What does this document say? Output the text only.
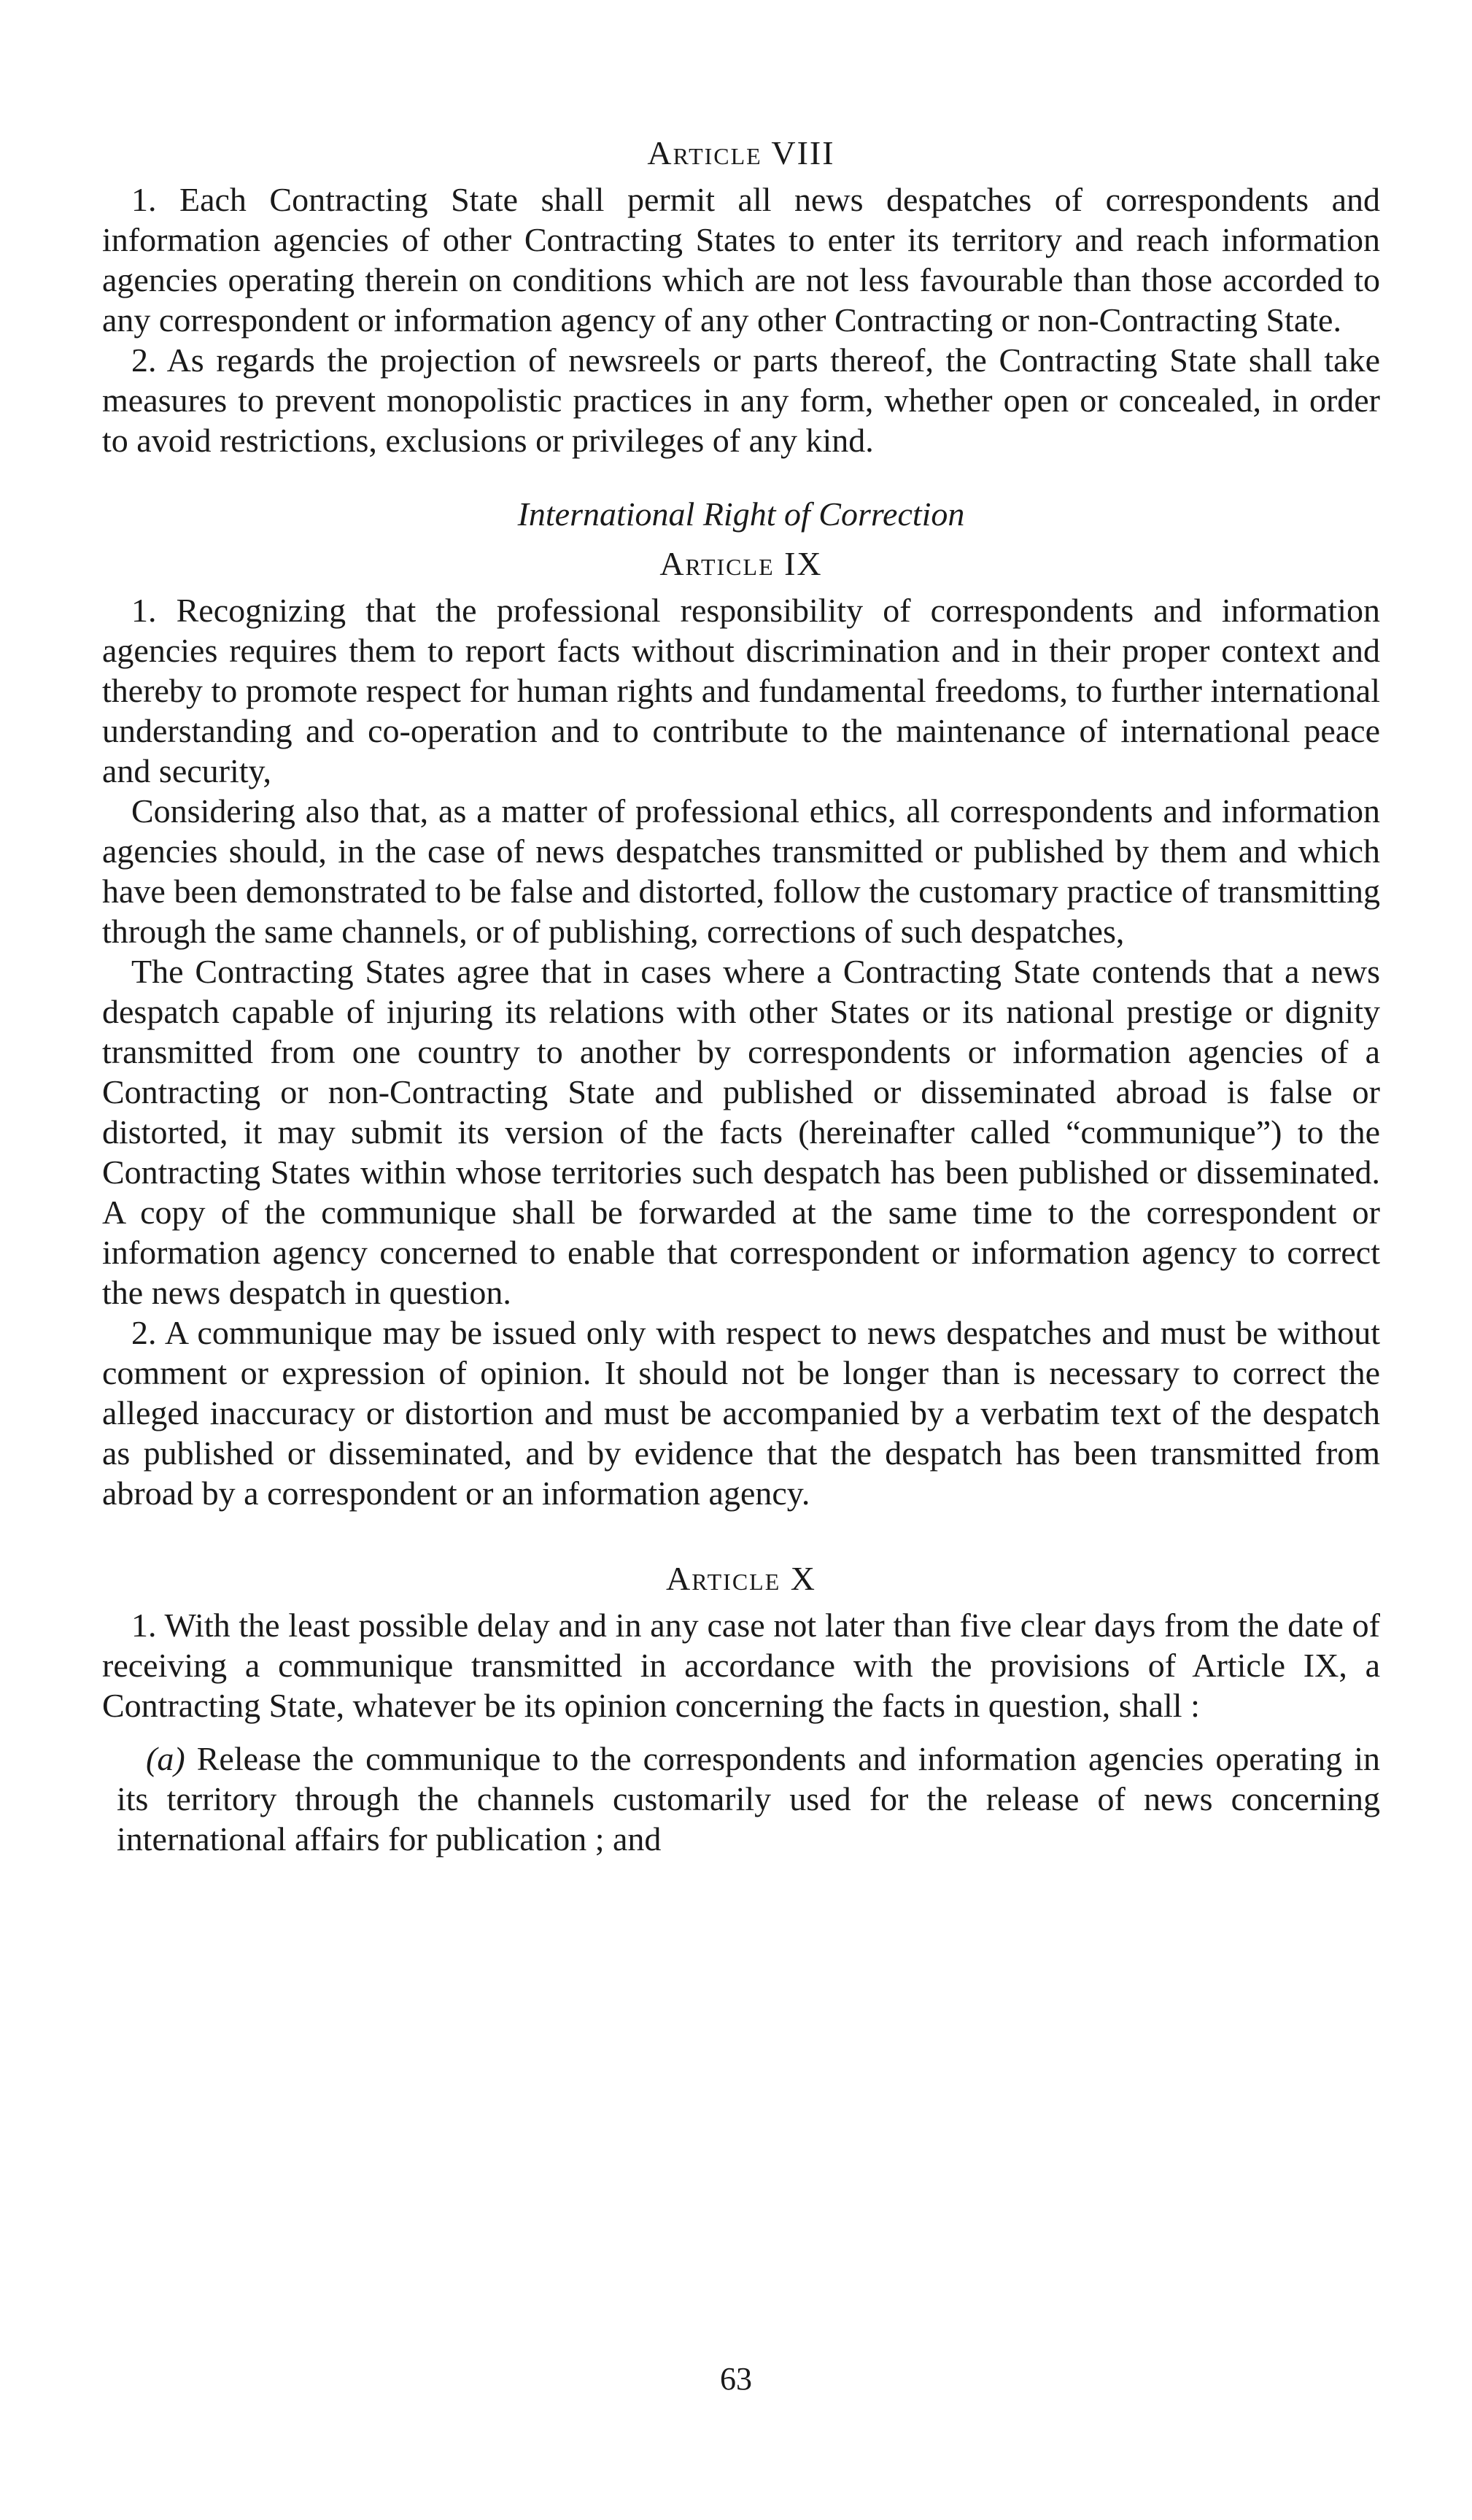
Article VIII

1. Each Contracting State shall permit all news despatches of correspondents and information agencies of other Contracting States to enter its territory and reach information agencies operating therein on conditions which are not less favourable than those accorded to any correspondent or information agency of any other Contracting or non-Contracting State.

2. As regards the projection of newsreels or parts thereof, the Contracting State shall take measures to prevent monopolistic practices in any form, whether open or concealed, in order to avoid restrictions, exclusions or privileges of any kind.

International Right of Correction
Article IX

1. Recognizing that the professional responsibility of correspondents and information agencies requires them to report facts without discrimination and in their proper context and thereby to promote respect for human rights and fundamental freedoms, to further international understanding and co-operation and to contribute to the maintenance of international peace and security,

Considering also that, as a matter of professional ethics, all correspondents and information agencies should, in the case of news despatches transmitted or published by them and which have been demonstrated to be false and distorted, follow the customary practice of transmitting through the same channels, or of publishing, corrections of such despatches,

The Contracting States agree that in cases where a Contracting State contends that a news despatch capable of injuring its relations with other States or its national prestige or dignity transmitted from one country to another by correspondents or information agencies of a Contracting or non-Contracting State and published or disseminated abroad is false or distorted, it may submit its version of the facts (hereinafter called “communique”) to the Contracting States within whose territories such despatch has been published or disseminated. A copy of the communique shall be forwarded at the same time to the correspondent or information agency concerned to enable that correspondent or information agency to correct the news despatch in question.

2. A communique may be issued only with respect to news despatches and must be without comment or expression of opinion. It should not be longer than is necessary to correct the alleged inaccuracy or distortion and must be accompanied by a verbatim text of the despatch as published or disseminated, and by evidence that the despatch has been transmitted from abroad by a correspondent or an information agency.

Article X

1. With the least possible delay and in any case not later than five clear days from the date of receiving a communique transmitted in accordance with the provisions of Article IX, a Contracting State, whatever be its opinion concerning the facts in question, shall :

(a) Release the communique to the correspondents and information agencies operating in its territory through the channels customarily used for the release of news concerning international affairs for publication ; and

63
